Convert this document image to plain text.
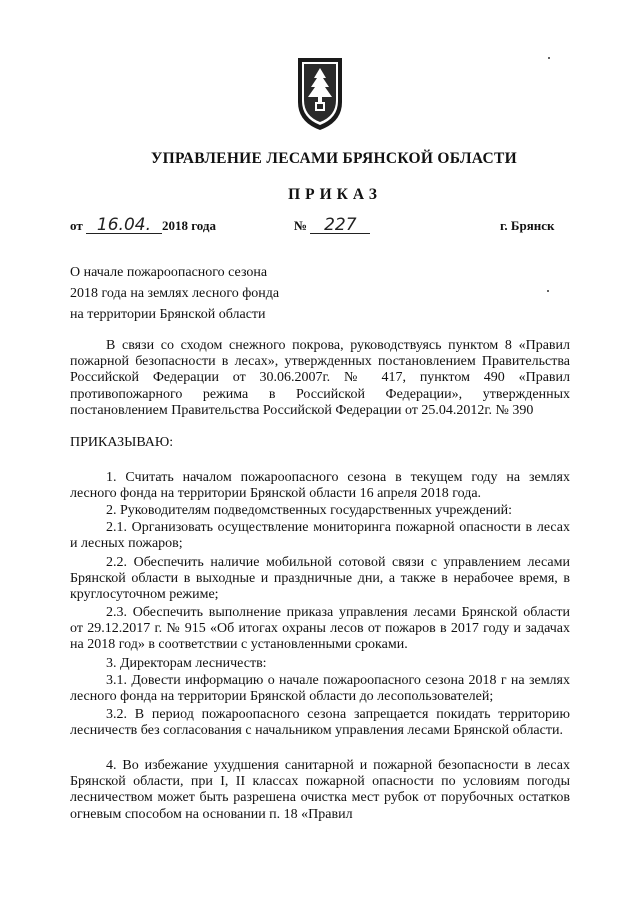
УПРАВЛЕНИЕ ЛЕСАМИ БРЯНСКОЙ ОБЛАСТИ
ПРИКАЗ
от 16.04. 2018 года	№ 227	г. Брянск
О начале пожароопасного сезона
2018 года на землях лесного фонда
на территории Брянской области
В связи со сходом снежного покрова, руководствуясь пунктом 8 «Правил пожарной безопасности в лесах», утвержденных постановлением Правительства Российской Федерации от 30.06.2007г. № 417, пунктом 490 «Правил противопожарного режима в Российской Федерации», утвержденных постановлением Правительства Российской Федерации от 25.04.2012г. № 390
ПРИКАЗЫВАЮ:
1. Считать началом пожароопасного сезона в текущем году на землях лесного фонда на территории Брянской области 16 апреля 2018 года.
2. Руководителям подведомственных государственных учреждений:
2.1. Организовать осуществление мониторинга пожарной опасности в лесах и лесных пожаров;
2.2. Обеспечить наличие мобильной сотовой связи с управлением лесами Брянской области в выходные и праздничные дни, а также в нерабочее время, в круглосуточном режиме;
2.3. Обеспечить выполнение приказа управления лесами Брянской области от 29.12.2017 г. № 915 «Об итогах охраны лесов от пожаров в 2017 году и задачах на 2018 год» в соответствии с установленными сроками.
3. Директорам лесничеств:
3.1. Довести информацию о начале пожароопасного сезона 2018 г на землях лесного фонда на территории Брянской области до лесопользователей;
3.2. В период пожароопасного сезона запрещается покидать территорию лесничеств без согласования с начальником управления лесами Брянской области.
4. Во избежание ухудшения санитарной и пожарной безопасности в лесах Брянской области, при I, II классах пожарной опасности по условиям погоды лесничеством может быть разрешена очистка мест рубок от порубочных остатков огневым способом на основании п. 18 «Правил
